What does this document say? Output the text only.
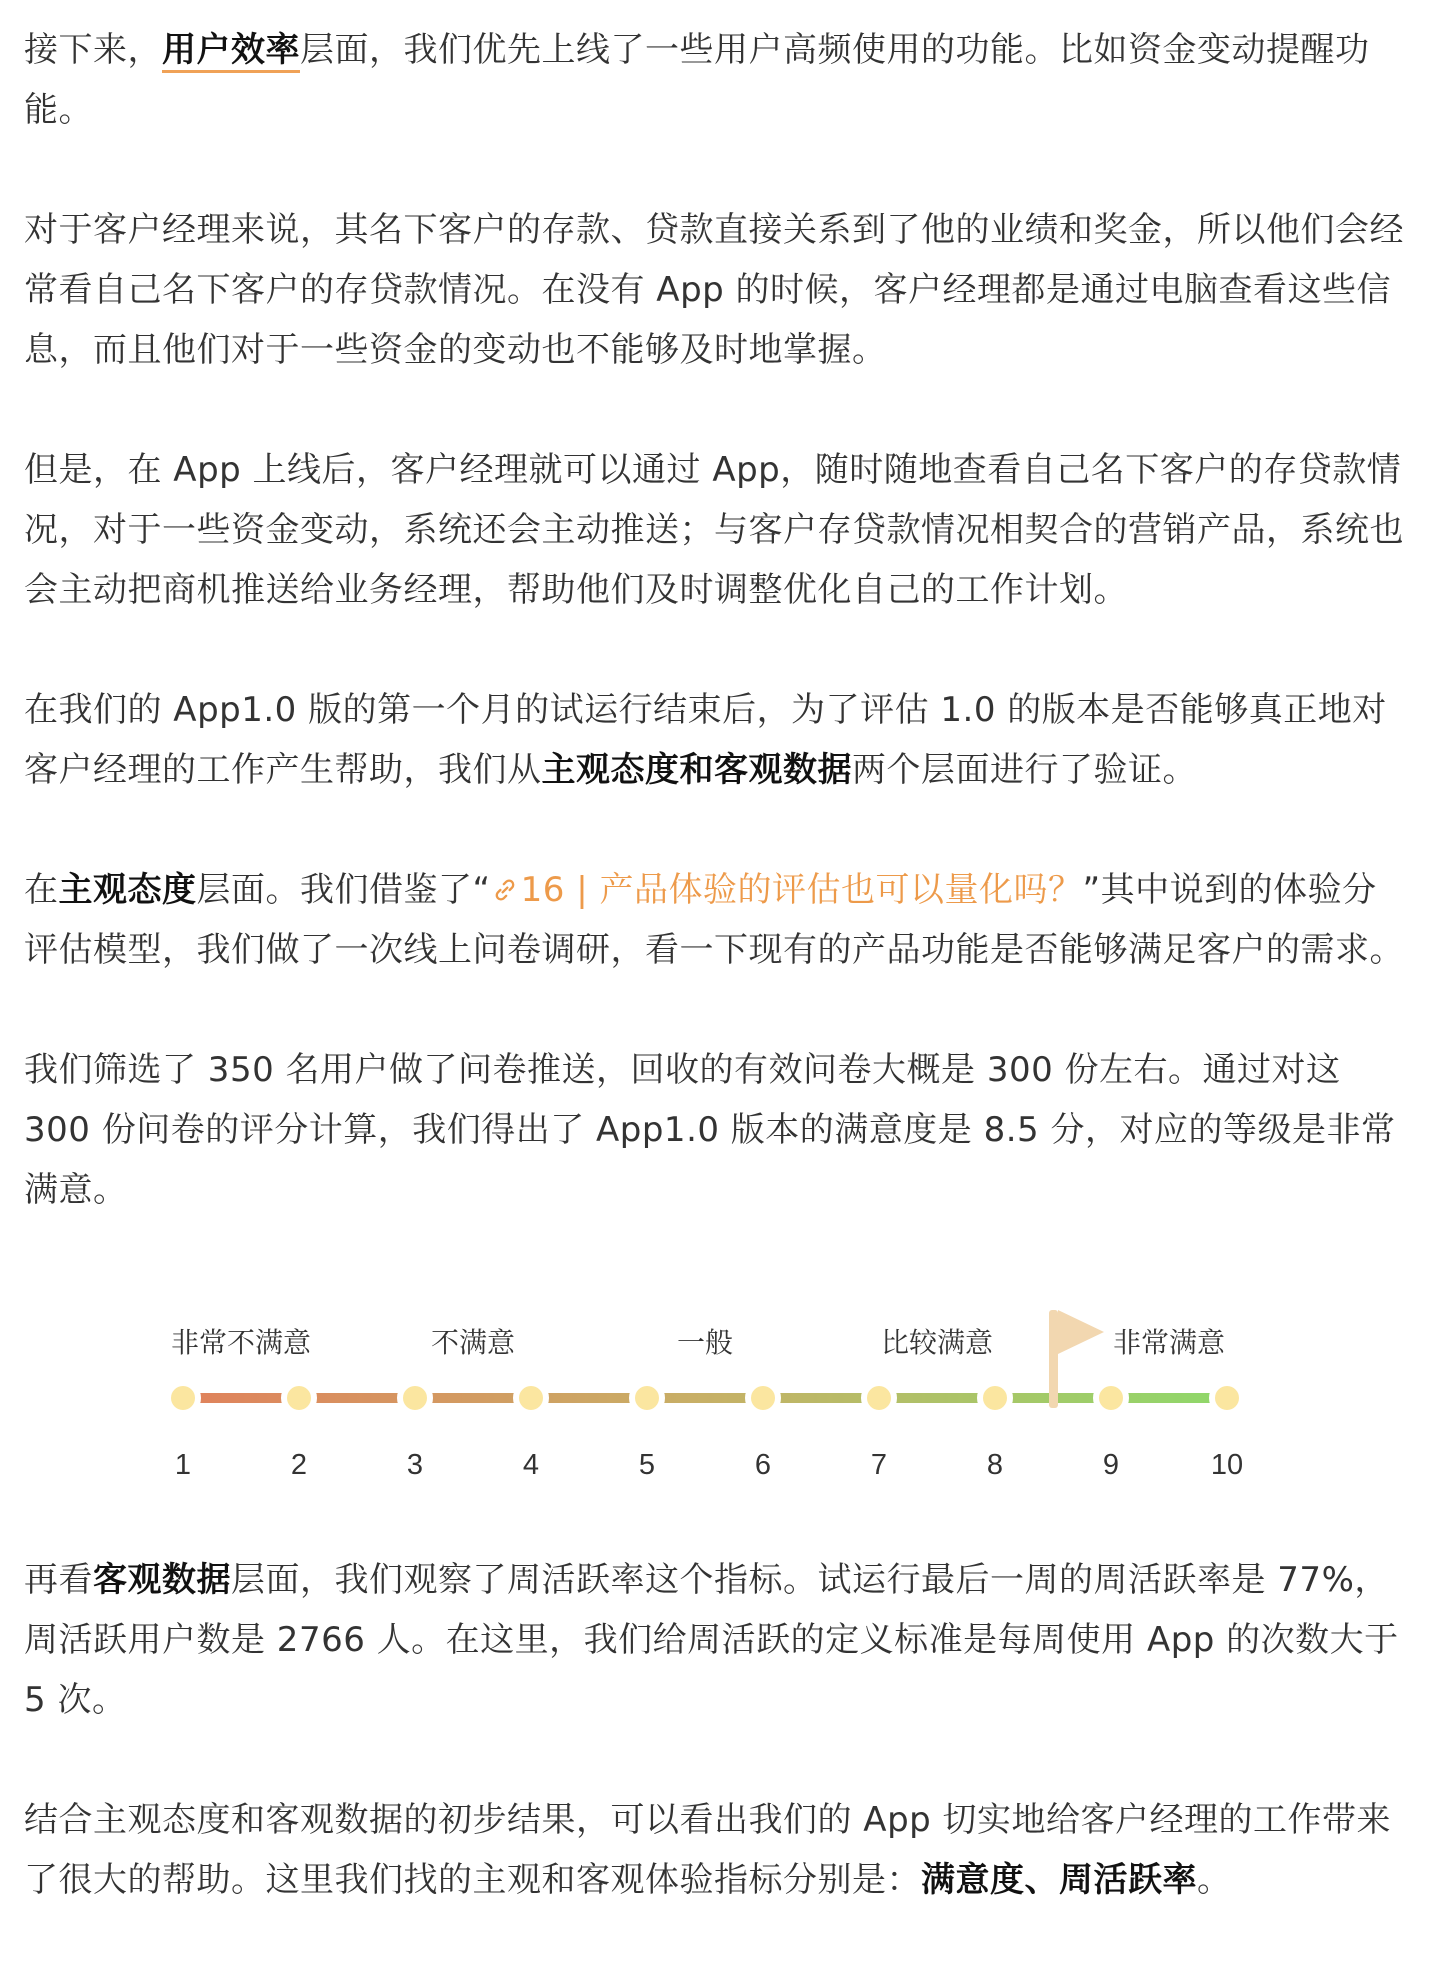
接下来，用户效率层面，我们优先上线了一些用户高频使用的功能。比如资金变动提醒功能。

对于客户经理来说，其名下客户的存款、贷款直接关系到了他的业绩和奖金，所以他们会经常看自己名下客户的存贷款情况。在没有 App 的时候，客户经理都是通过电脑查看这些信息，而且他们对于一些资金的变动也不能够及时地掌握。

但是，在 App 上线后，客户经理就可以通过 App，随时随地查看自己名下客户的存贷款情况，对于一些资金变动，系统还会主动推送；与客户存贷款情况相契合的营销产品，系统也会主动把商机推送给业务经理，帮助他们及时调整优化自己的工作计划。

在我们的 App1.0 版的第一个月的试运行结束后，为了评估 1.0 的版本是否能够真正地对客户经理的工作产生帮助，我们从主观态度和客观数据两个层面进行了验证。

在主观态度层面。我们借鉴了“ 16 | 产品体验的评估也可以量化吗？”其中说到的体验分评估模型，我们做了一次线上问卷调研，看一下现有的产品功能是否能够满足客户的需求。

我们筛选了 350 名用户做了问卷推送，回收的有效问卷大概是 300 份左右。通过对这 300 份问卷的评分计算，我们得出了 App1.0 版本的满意度是 8.5 分，对应的等级是非常满意。

非常不满意	不满意	一般	比较满意	非常满意
1	2	3	4	5	6	7	8	9	10

再看客观数据层面，我们观察了周活跃率这个指标。试运行最后一周的周活跃率是 77%，周活跃用户数是 2766 人。在这里，我们给周活跃的定义标准是每周使用 App 的次数大于 5 次。

结合主观态度和客观数据的初步结果，可以看出我们的 App 切实地给客户经理的工作带来了很大的帮助。这里我们找的主观和客观体验指标分别是：满意度、周活跃率。
